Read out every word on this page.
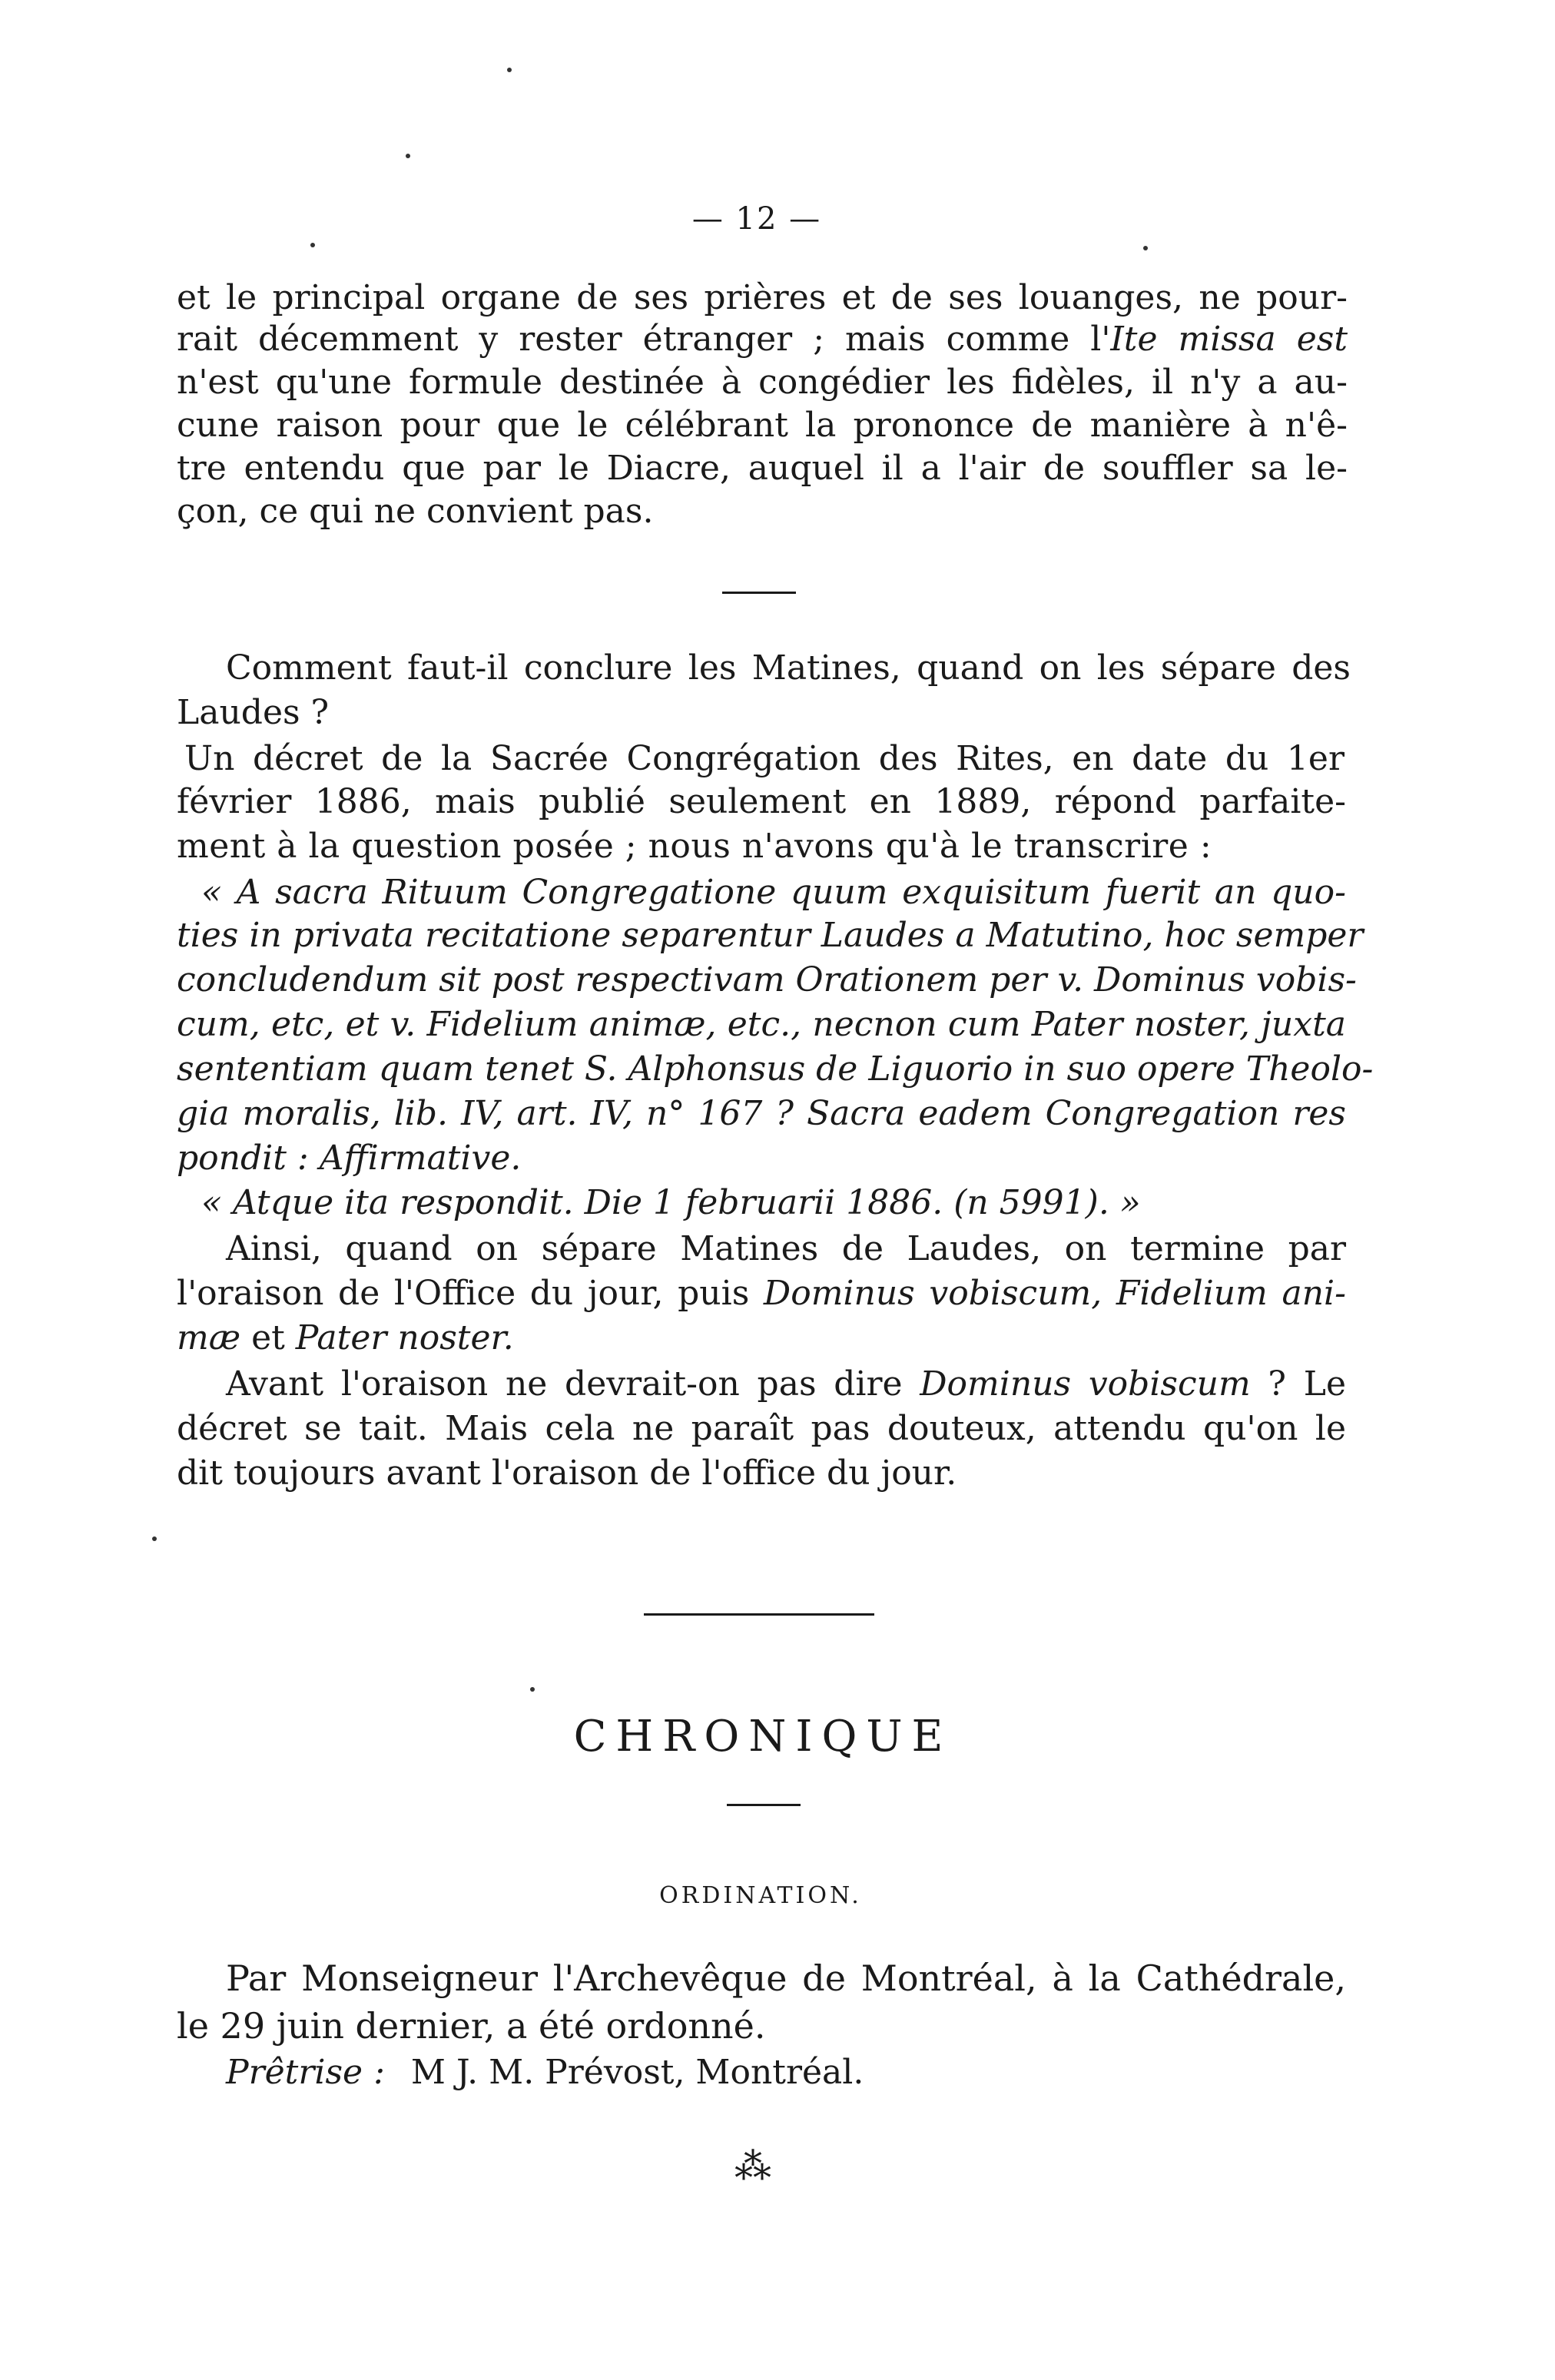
— 12 —
et le principal organe de ses prières et de ses louanges, ne pour-
rait décemment y rester étranger ; mais comme l'Ite missa est
n'est qu'une formule destinée à congédier les fidèles, il n'y a au-
cune raison pour que le célébrant la prononce de manière à n'ê-
tre entendu que par le Diacre, auquel il a l'air de souffler sa le-
çon, ce qui ne convient pas.
Comment faut-il conclure les Matines, quand on les sépare des
Laudes ?
Un décret de la Sacrée Congrégation des Rites, en date du 1er
février 1886, mais publié seulement en 1889, répond parfaite-
ment à la question posée ; nous n'avons qu'à le transcrire :
« A sacra Rituum Congregatione quum exquisitum fuerit an quo-
ties in privata recitatione separentur Laudes a Matutino, hoc semper
concludendum sit post respectivam Orationem per v. Dominus vobis-
cum, etc, et v. Fidelium animæ, etc., necnon cum Pater noster, juxta
sententiam quam tenet S. Alphonsus de Liguorio in suo opere Theolo-
gia moralis, lib. IV, art. IV, n° 167 ? Sacra eadem Congregation res
pondit : Affirmative.
« Atque ita respondit. Die 1 februarii 1886. (n 5991). »
Ainsi, quand on sépare Matines de Laudes, on termine par
l'oraison de l'Office du jour, puis Dominus vobiscum, Fidelium ani-
mæ et Pater noster.
Avant l'oraison ne devrait-on pas dire Dominus vobiscum ? Le
décret se tait. Mais cela ne paraît pas douteux, attendu qu'on le
dit toujours avant l'oraison de l'office du jour.
CHRONIQUE
ORDINATION.
Par Monseigneur l'Archevêque de Montréal, à la Cathédrale,
le 29 juin dernier, a été ordonné.
Prêtrise : M J. M. Prévost, Montréal.
⁂
